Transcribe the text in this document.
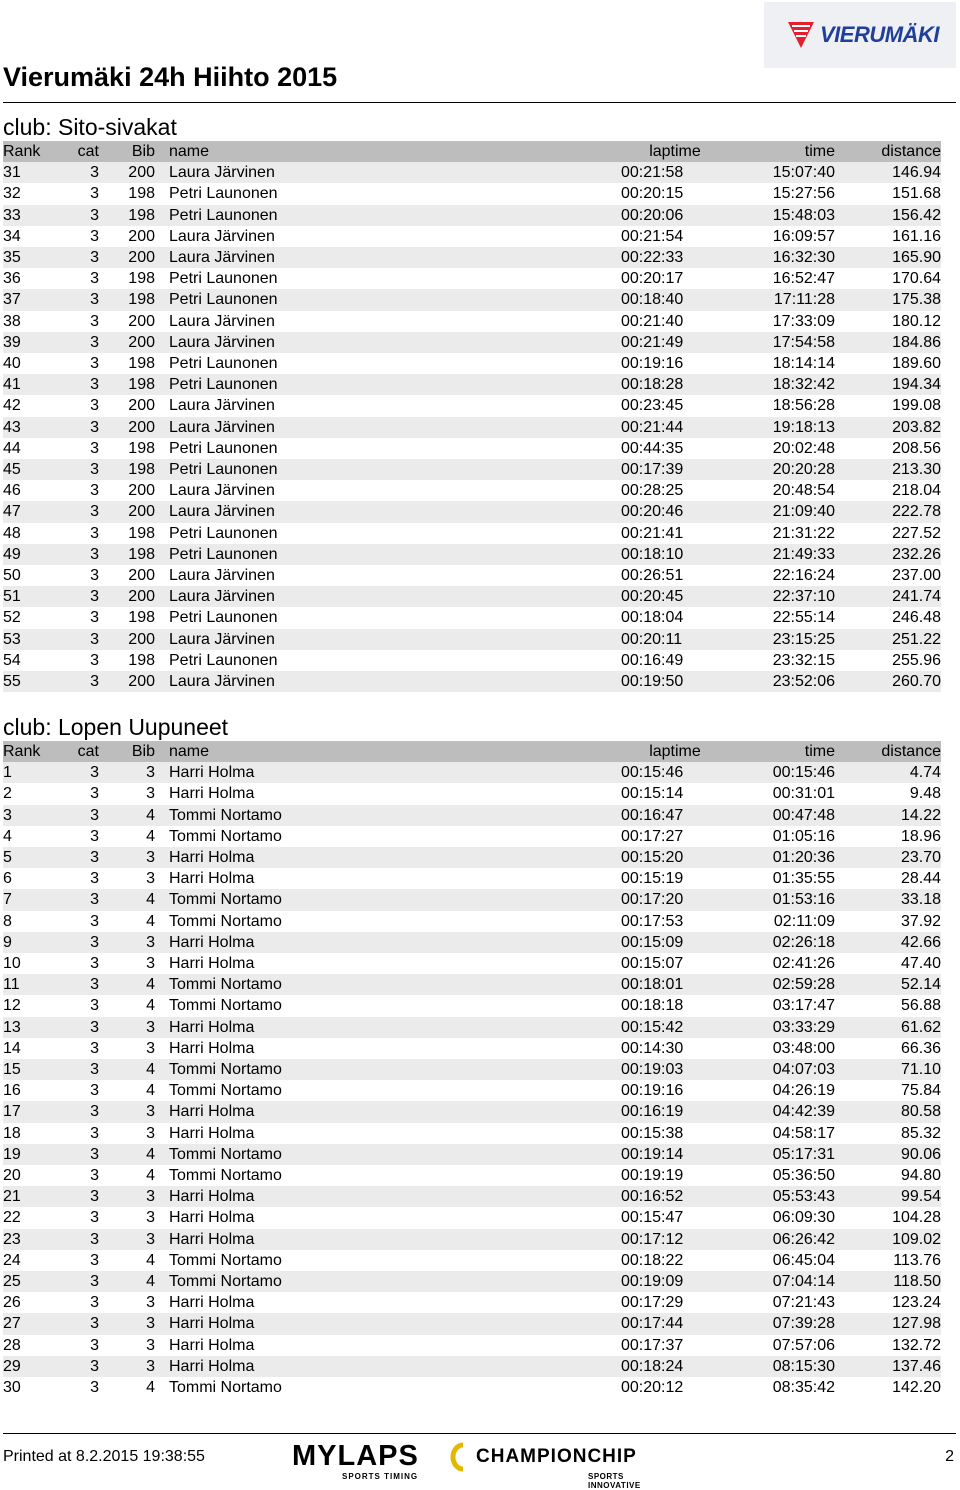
VIERUMÄKI
Vierumäki 24h Hiihto 2015
club: Sito-sivakat
Rank	cat	Bib	name	laptime	time	distance
31	3	200	Laura Järvinen	00:21:58	15:07:40	146.94
32	3	198	Petri Launonen	00:20:15	15:27:56	151.68
33	3	198	Petri Launonen	00:20:06	15:48:03	156.42
34	3	200	Laura Järvinen	00:21:54	16:09:57	161.16
35	3	200	Laura Järvinen	00:22:33	16:32:30	165.90
36	3	198	Petri Launonen	00:20:17	16:52:47	170.64
37	3	198	Petri Launonen	00:18:40	17:11:28	175.38
38	3	200	Laura Järvinen	00:21:40	17:33:09	180.12
39	3	200	Laura Järvinen	00:21:49	17:54:58	184.86
40	3	198	Petri Launonen	00:19:16	18:14:14	189.60
41	3	198	Petri Launonen	00:18:28	18:32:42	194.34
42	3	200	Laura Järvinen	00:23:45	18:56:28	199.08
43	3	200	Laura Järvinen	00:21:44	19:18:13	203.82
44	3	198	Petri Launonen	00:44:35	20:02:48	208.56
45	3	198	Petri Launonen	00:17:39	20:20:28	213.30
46	3	200	Laura Järvinen	00:28:25	20:48:54	218.04
47	3	200	Laura Järvinen	00:20:46	21:09:40	222.78
48	3	198	Petri Launonen	00:21:41	21:31:22	227.52
49	3	198	Petri Launonen	00:18:10	21:49:33	232.26
50	3	200	Laura Järvinen	00:26:51	22:16:24	237.00
51	3	200	Laura Järvinen	00:20:45	22:37:10	241.74
52	3	198	Petri Launonen	00:18:04	22:55:14	246.48
53	3	200	Laura Järvinen	00:20:11	23:15:25	251.22
54	3	198	Petri Launonen	00:16:49	23:32:15	255.96
55	3	200	Laura Järvinen	00:19:50	23:52:06	260.70
club: Lopen Uupuneet
Rank	cat	Bib	name	laptime	time	distance
1	3	3	Harri Holma	00:15:46	00:15:46	4.74
2	3	3	Harri Holma	00:15:14	00:31:01	9.48
3	3	4	Tommi Nortamo	00:16:47	00:47:48	14.22
4	3	4	Tommi Nortamo	00:17:27	01:05:16	18.96
5	3	3	Harri Holma	00:15:20	01:20:36	23.70
6	3	3	Harri Holma	00:15:19	01:35:55	28.44
7	3	4	Tommi Nortamo	00:17:20	01:53:16	33.18
8	3	4	Tommi Nortamo	00:17:53	02:11:09	37.92
9	3	3	Harri Holma	00:15:09	02:26:18	42.66
10	3	3	Harri Holma	00:15:07	02:41:26	47.40
11	3	4	Tommi Nortamo	00:18:01	02:59:28	52.14
12	3	4	Tommi Nortamo	00:18:18	03:17:47	56.88
13	3	3	Harri Holma	00:15:42	03:33:29	61.62
14	3	3	Harri Holma	00:14:30	03:48:00	66.36
15	3	4	Tommi Nortamo	00:19:03	04:07:03	71.10
16	3	4	Tommi Nortamo	00:19:16	04:26:19	75.84
17	3	3	Harri Holma	00:16:19	04:42:39	80.58
18	3	3	Harri Holma	00:15:38	04:58:17	85.32
19	3	4	Tommi Nortamo	00:19:14	05:17:31	90.06
20	3	4	Tommi Nortamo	00:19:19	05:36:50	94.80
21	3	3	Harri Holma	00:16:52	05:53:43	99.54
22	3	3	Harri Holma	00:15:47	06:09:30	104.28
23	3	3	Harri Holma	00:17:12	06:26:42	109.02
24	3	4	Tommi Nortamo	00:18:22	06:45:04	113.76
25	3	4	Tommi Nortamo	00:19:09	07:04:14	118.50
26	3	3	Harri Holma	00:17:29	07:21:43	123.24
27	3	3	Harri Holma	00:17:44	07:39:28	127.98
28	3	3	Harri Holma	00:17:37	07:57:06	132.72
29	3	3	Harri Holma	00:18:24	08:15:30	137.46
30	3	4	Tommi Nortamo	00:20:12	08:35:42	142.20
Printed at 8.2.2015 19:38:55	MYLAPS
SPORTS TIMING
CHAMPIONCHIP
SPORTS INNOVATIVE
2
